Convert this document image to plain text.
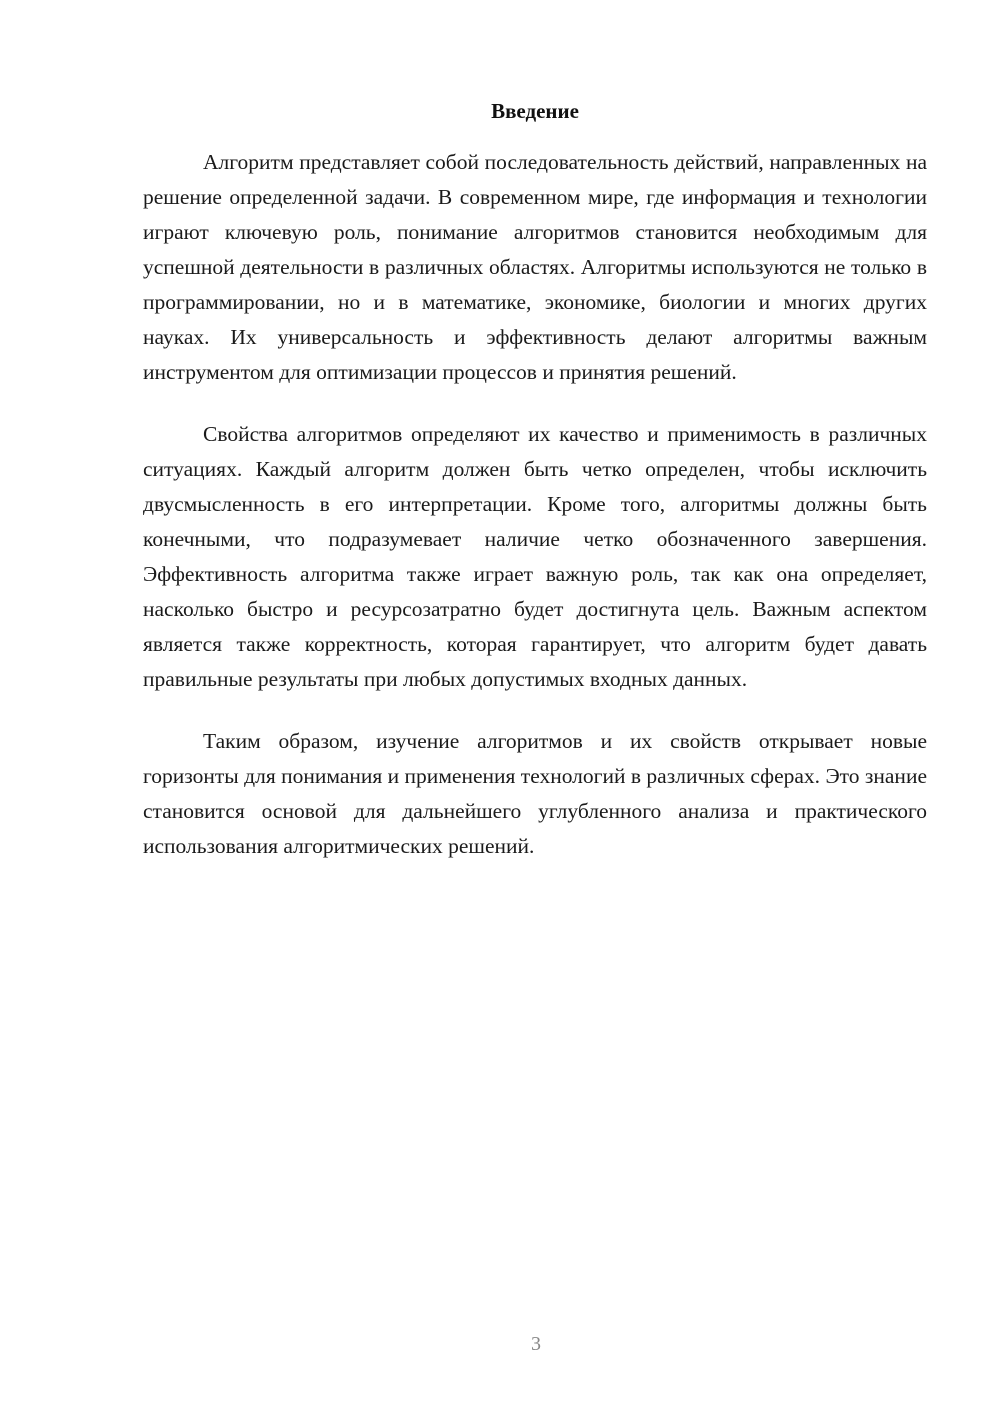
Введение

Алгоритм представляет собой последовательность действий, направленных на решение определенной задачи. В современном мире, где информация и технологии играют ключевую роль, понимание алгоритмов становится необходимым для успешной деятельности в различных областях. Алгоритмы используются не только в программировании, но и в математике, экономике, биологии и многих других науках. Их универсальность и эффективность делают алгоритмы важным инструментом для оптимизации процессов и принятия решений.

Свойства алгоритмов определяют их качество и применимость в различных ситуациях. Каждый алгоритм должен быть четко определен, чтобы исключить двусмысленность в его интерпретации. Кроме того, алгоритмы должны быть конечными, что подразумевает наличие четко обозначенного завершения. Эффективность алгоритма также играет важную роль, так как она определяет, насколько быстро и ресурсозатратно будет достигнута цель. Важным аспектом является также корректность, которая гарантирует, что алгоритм будет давать правильные результаты при любых допустимых входных данных.

Таким образом, изучение алгоритмов и их свойств открывает новые горизонты для понимания и применения технологий в различных сферах. Это знание становится основой для дальнейшего углубленного анализа и практического использования алгоритмических решений.

3
